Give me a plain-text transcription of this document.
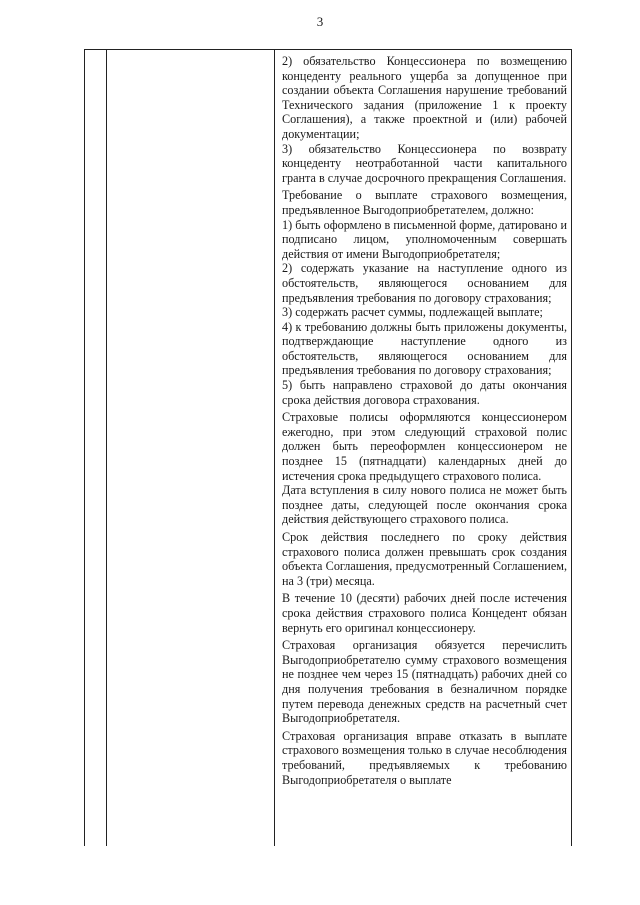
3

2) обязательство Концессионера по возмещению концеденту реального ущерба за допущенное при создании объекта Соглашения нарушение требований Технического задания (приложение 1 к проекту Соглашения), а также проектной и (или) рабочей документации;

3) обязательство Концессионера по возврату концеденту неотработанной части капитального гранта в случае досрочного прекращения Соглашения.

Требование о выплате страхового возмещения, предъявленное Выгодоприобретателем, должно:

1) быть оформлено в письменной форме, датировано и подписано лицом, уполномоченным совершать действия от имени Выгодоприобретателя;

2) содержать указание на наступление одного из обстоятельств, являющегося основанием для предъявления требования по договору страхования;

3) содержать расчет суммы, подлежащей выплате;

4) к требованию должны быть приложены документы, подтверждающие наступление одного из обстоятельств, являющегося основанием для предъявления требования по договору страхования;

5) быть направлено страховой до даты окончания срока действия договора страхования.

Страховые полисы оформляются концессионером ежегодно, при этом следующий страховой полис должен быть переоформлен концессионером не позднее 15 (пятнадцати) календарных дней до истечения срока предыдущего страхового полиса.

Дата вступления в силу нового полиса не может быть позднее даты, следующей после окончания срока действия действующего страхового полиса.

Срок действия последнего по сроку действия страхового полиса должен превышать срок создания объекта Соглашения, предусмотренный Соглашением, на 3 (три) месяца.

В течение 10 (десяти) рабочих дней после истечения срока действия страхового полиса Концедент обязан вернуть его оригинал концессионеру.

Страховая организация обязуется перечислить Выгодоприобретателю сумму страхового возмещения не позднее чем через 15 (пятнадцать) рабочих дней со дня получения требования в безналичном порядке путем перевода денежных средств на расчетный счет Выгодоприобретателя.

Страховая организация вправе отказать в выплате страхового возмещения только в случае несоблюдения требований, предъявляемых к требованию Выгодоприобретателя о выплате
